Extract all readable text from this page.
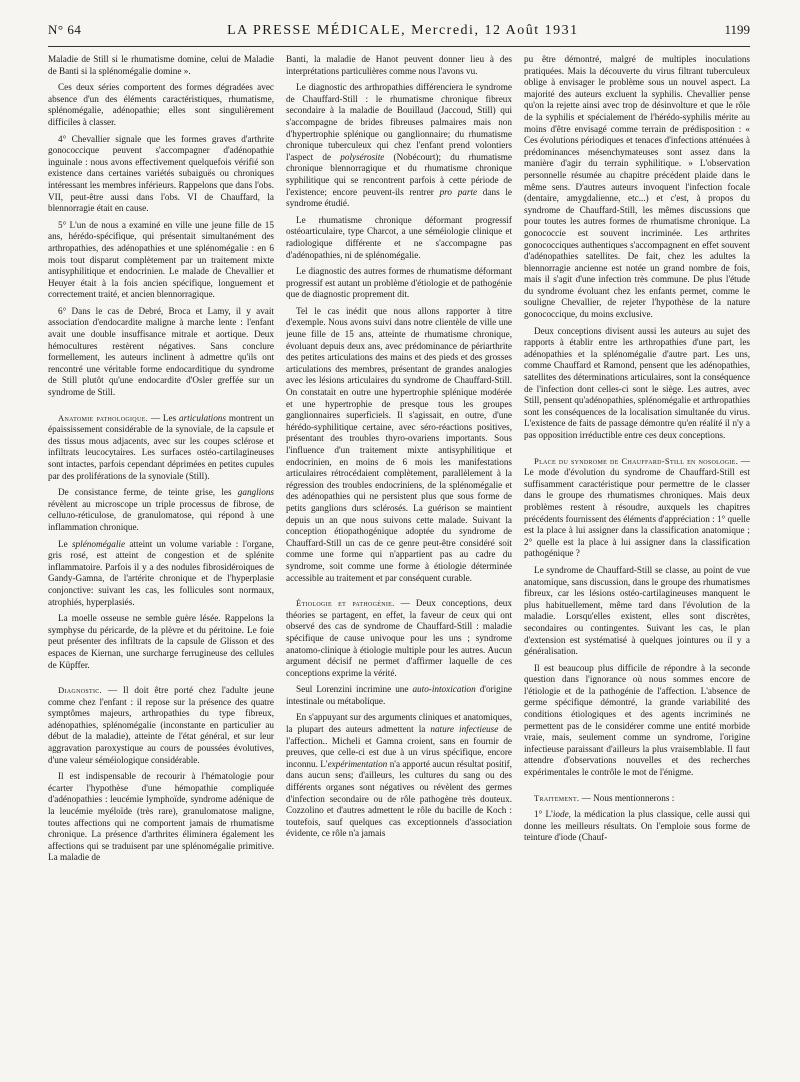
N° 64	LA PRESSE MÉDICALE, Mercredi, 12 Août 1931	1199

Maladie de Still si le rhumatisme domine, celui de Maladie de Banti si la splénomégalie domine ».

Ces deux séries comportent des formes dégradées avec absence d'un des éléments caractéristiques, rhumatisme, splénomégalie, adénopathie; elles sont singulièrement difficiles à classer.

4° Chevallier signale que les formes graves d'arthrite gonococcique peuvent s'accompagner d'adénopathie inguinale : nous avons effectivement quelquefois vérifié son existence dans certaines variétés subaiguës ou chroniques intéressant les membres inférieurs. Rappelons que dans l'obs. VII, peut-être aussi dans l'obs. VI de Chauffard, la blennorragie était en cause.

5° L'un de nous a examiné en ville une jeune fille de 15 ans, hérédo-spécifique, qui présentait simultanément des arthropathies, des adénopathies et une splénomégalie : en 6 mois tout disparut complètement par un traitement mixte antisyphilitique et endocrinien. Le malade de Chevallier et Heuyer était à la fois ancien spécifique, longuement et correctement traité, et ancien blennorragique.

6° Dans le cas de Debré, Broca et Lamy, il y avait association d'endocardite maligne à marche lente : l'enfant avait une double insuffisance mitrale et aortique. Deux hémocultures restèrent négatives. Sans conclure formellement, les auteurs inclinent à admettre qu'ils ont rencontré une véritable forme endocarditique du syndrome de Still plutôt qu'une endocardite d'Osler greffée sur un syndrome de Still.

Anatomie pathologique. — Les articulations montrent un épaississement considérable de la synoviale, de la capsule et des tissus mous adjacents, avec sur les coupes sclérose et infiltrats leucocytaires. Les surfaces ostéo-cartilagineuses sont intactes, parfois cependant déprimées en petites cupules par des proliférations de la synoviale (Still).

De consistance ferme, de teinte grise, les ganglions révèlent au microscope un triple processus de fibrose, de celluло-réticulose, de granulomatose, qui répond à une inflammation chronique.

Le splénomégalie atteint un volume variable : l'organe, gris rosé, est atteint de congestion et de splénite inflammatoire. Parfois il y a des nodules fibrosidéroiques de Gandy-Gamna, de l'artérite chronique et de l'hyperplasie conjonctive: suivant les cas, les follicules sont normaux, atrophiés, hyperplasiés.

La moelle osseuse ne semble guère lésée. Rappelons la symphyse du péricarde, de la plèvre et du péritoine. Le foie peut présenter des infiltrats de la capsule de Glisson et des espaces de Kiernan, une surcharge ferrugineuse des cellules de Küpffer.

Diagnostic. — Il doit être porté chez l'adulte jeune comme chez l'enfant : il repose sur la présence des quatre symptômes majeurs, arthropathies du type fibreux, adénopathies, splénomégalie (inconstante en particulier au début de la maladie), atteinte de l'état général, et sur leur aggravation paroxystique au cours de poussées évolutives, d'une valeur séméiologique considérable.

Il est indispensable de recourir à l'hématologie pour écarter l'hypothèse d'une hémopathie compliquée d'adénopathies : leucémie lymphoïde, syndrome adénique de la leucémie myéloïde (très rare), granulomatose maligne, toutes affections qui ne comportent jamais de rhumatisme chronique. La présence d'arthrites éliminera également les affections qui se traduisent par une splénomégalie primitive. La maladie de

Banti, la maladie de Hanot peuvent donner lieu à des interprétations particulières comme nous l'avons vu.

Le diagnostic des arthropathies différenciera le syndrome de Chauffard-Still : le rhumatisme chronique fibreux secondaire à la maladie de Bouillaud (Jaccoud, Still) qui s'accompagne de brides fibreuses palmaires mais non d'hypertrophie splénique ou ganglionnaire; du rhumatisme chronique tuberculeux qui chez l'enfant prend volontiers l'aspect de polysérosite (Nobécourt); du rhumatisme chronique blennorragique et du rhumatisme chronique syphilitique qui se rencontrent parfois à cette période de l'existence; encore peuvent-ils rentrer pro parte dans le syndrome étudié.

Le rhumatisme chronique déformant progressif ostéoarticulaire, type Charcot, a une séméiologie clinique et radiologique différente et ne s'accompagne pas d'adénopathies, ni de splénomégalie.

Le diagnostic des autres formes de rhumatisme déformant progressif est autant un problème d'étiologie et de pathogénie que de diagnostic proprement dit.

Tel le cas inédit que nous allons rapporter à titre d'exemple. Nous avons suivi dans notre clientèle de ville une jeune fille de 15 ans, atteinte de rhumatisme chronique, évoluant depuis deux ans, avec prédominance de périarthrite des petites articulations des mains et des pieds et des grosses articulations des membres, présentant de grandes analogies avec les lésions articulaires du syndrome de Chauffard-Still. On constatait en outre une hypertrophie splénique modérée et une hypertrophie de presque tous les groupes ganglionnaires superficiels. Il s'agissait, en outre, d'une hérédo-syphilitique certaine, avec séro-réactions positives, présentant des troubles thyro-ovariens importants. Sous l'influence d'un traitement mixte antisyphilitique et endocrinien, en moins de 6 mois les manifestations articulaires rétrocédaient complètement, parallèlement à la régression des troubles endocriniens, de la splénomégalie et des adénopathies qui ne persistent plus que sous forme de petits ganglions durs sclérosés. La guérison se maintient depuis un an que nous suivons cette malade. Suivant la conception étiopathogénique adoptée du syndrome de Chauffard-Still un cas de ce genre peut-être considéré soit comme une forme qui n'appartient pas au cadre du syndrome, soit comme une forme à étiologie déterminée accessible au traitement et par conséquent curable.

Étiologie et pathogénie. — Deux conceptions, deux théories se partagent, en effet, la faveur de ceux qui ont observé des cas de syndrome de Chauffard-Still : maladie spécifique de cause univoque pour les uns ; syndrome anatomo-clinique à étiologie multiple pour les autres. Aucun argument décisif ne permet d'affirmer laquelle de ces conceptions exprime la vérité.

Seul Lorenzini incrimine une auto-intoxication d'origine intestinale ou métabolique.

En s'appuyant sur des arguments cliniques et anatomiques, la plupart des auteurs admettent la nature infectieuse de l'affection.. Micheli et Gamna croient, sans en fournir de preuves, que celle-ci est due à un virus spécifique, encore inconnu. L'expérimentation n'a apporté aucun résultat positif, dans aucun sens; d'ailleurs, les cultures du sang ou des différents organes sont négatives ou révèlent des germes d'infection secondaire ou de rôle pathogène très douteux. Cozzolino et d'autres admettent le rôle du bacille de Koch : toutefois, sauf quelques cas exceptionnels d'association évidente, ce rôle n'a jamais

pu être démontré, malgré de multiples inoculations pratiquées. Mais la découverte du virus filtrant tuberculeux oblige à envisager le problème sous un nouvel aspect. La majorité des auteurs excluent la syphilis. Chevallier pense qu'on la rejette ainsi avec trop de désinvolture et que le rôle de la syphilis et spécialement de l'hérédo-syphilis mérite au moins d'être envisagé comme terrain de prédisposition : « Ces évolutions périodiques et tenaces d'infections atténuées à prédominances mésenchymateuses sont assez dans la manière d'agir du terrain syphilitique. » L'observation personnelle résumée au chapitre précédent plaide dans le même sens. D'autres auteurs invoquent l'infection focale (dentaire, amygdalienne, etc...) et c'est, à propos du syndrome de Chauffard-Still, les mêmes discussions que pour toutes les autres formes de rhumatisme chronique. La gonococcie est souvent incriminée. Les arthrites gonococciques authentiques s'accompagnent en effet souvent d'adénopathies satellites. De fait, chez les adultes la blennorragie ancienne est notée un grand nombre de fois, mais il s'agit d'une infection très commune. De plus l'étude du syndrome évoluant chez les enfants permet, comme le souligne Chevallier, de rejeter l'hypothèse de la nature gonococcique, du moins exclusive.

Deux conceptions divisent aussi les auteurs au sujet des rapports à établir entre les arthropathies d'une part, les adénopathies et la splénomégalie d'autre part. Les uns, comme Chauffard et Ramond, pensent que les adénopathies, satellites des déterminations articulaires, sont la conséquence de l'infection dont celles-ci sont le siège. Les autres, avec Still, pensent qu'adénopathies, splénomégalie et arthropathies sont les conséquences de la localisation simultanée du virus. L'existence de faits de passage démontre qu'en réalité il n'y a pas opposition irréductible entre ces deux conceptions.

Place du syndrome de Chauffard-Still en nosologie. — Le mode d'évolution du syndrome de Chauffard-Still est suffisamment caractéristique pour permettre de le classer dans le groupe des rhumatismes chroniques. Mais deux problèmes restent à résoudre, auxquels les chapitres précédents fournissent des éléments d'appréciation : 1° quelle est la place à lui assigner dans la classification anatomique ; 2° quelle est la place à lui assigner dans la classification pathogénique ?

Le syndrome de Chauffard-Still se classe, au point de vue anatomique, sans discussion, dans le groupe des rhumatismes fibreux, car les lésions ostéo-cartilagineuses manquent le plus habituellement, même tard dans l'évolution de la maladie. Lorsqu'elles existent, elles sont discrètes, secondaires ou contingentes. Suivant les cas, le plan d'extension est systématisé à quelques jointures ou il y a généralisation.

Il est beaucoup plus difficile de répondre à la seconde question dans l'ignorance où nous sommes encore de l'étiologie et de la pathogénie de l'affection. L'absence de germe spécifique démontré, la grande variabilité des conditions étiologiques et des agents incriminés ne permettent pas de le considérer comme une entité morbide vraie, mais, seulement comme un syndrome, l'origine infectieuse paraissant d'ailleurs la plus vraisemblable. Il faut attendre d'observations nouvelles et des recherches expérimentales le contrôle le mot de l'énigme.

Traitement. — Nous mentionnerons :

1° L'iode, la médication la plus classique, celle aussi qui donne les meilleurs résultats. On l'emploie sous forme de teinture d'iode (Chauf-
